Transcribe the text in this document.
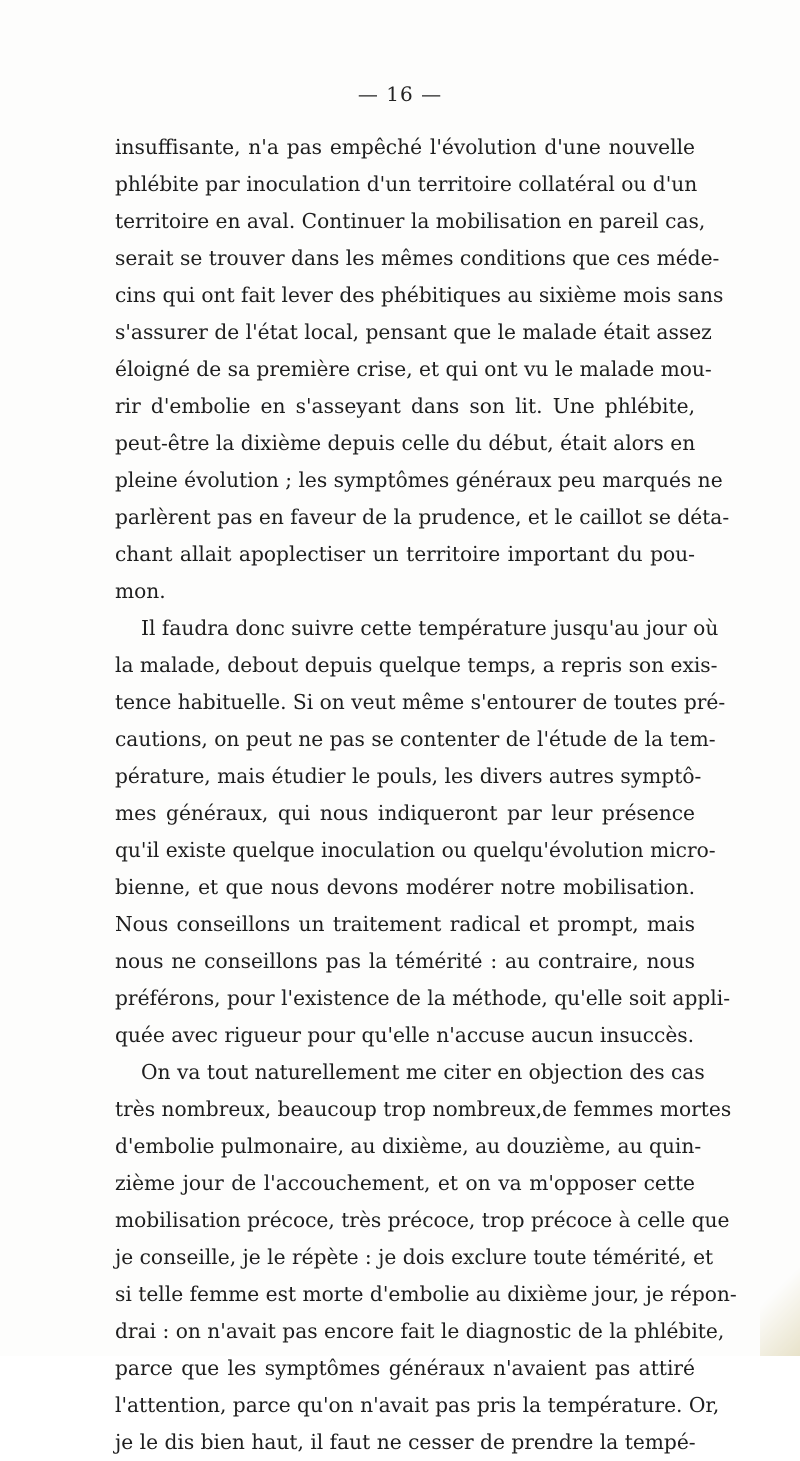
— 16 —
insuffisante, n'a pas empêché l'évolution d'une nouvelle
phlébite par inoculation d'un territoire collatéral ou d'un
territoire en aval. Continuer la mobilisation en pareil cas,
serait se trouver dans les mêmes conditions que ces méde-
cins qui ont fait lever des phébitiques au sixième mois sans
s'assurer de l'état local, pensant que le malade était assez
éloigné de sa première crise, et qui ont vu le malade mou-
rir d'embolie en s'asseyant dans son lit. Une phlébite,
peut-être la dixième depuis celle du début, était alors en
pleine évolution ; les symptômes généraux peu marqués ne
parlèrent pas en faveur de la prudence, et le caillot se déta-
chant allait apoplectiser un territoire important du pou-
mon.
Il faudra donc suivre cette température jusqu'au jour où
la malade, debout depuis quelque temps, a repris son exis-
tence habituelle. Si on veut même s'entourer de toutes pré-
cautions, on peut ne pas se contenter de l'étude de la tem-
pérature, mais étudier le pouls, les divers autres symptô-
mes généraux, qui nous indiqueront par leur présence
qu'il existe quelque inoculation ou quelqu'évolution micro-
bienne, et que nous devons modérer notre mobilisation.
Nous conseillons un traitement radical et prompt, mais
nous ne conseillons pas la témérité : au contraire, nous
préférons, pour l'existence de la méthode, qu'elle soit appli-
quée avec rigueur pour qu'elle n'accuse aucun insuccès.
On va tout naturellement me citer en objection des cas
très nombreux, beaucoup trop nombreux,de femmes mortes
d'embolie pulmonaire, au dixième, au douzième, au quin-
zième jour de l'accouchement, et on va m'opposer cette
mobilisation précoce, très précoce, trop précoce à celle que
je conseille, je le répète : je dois exclure toute témérité, et
si telle femme est morte d'embolie au dixième jour, je répon-
drai : on n'avait pas encore fait le diagnostic de la phlébite,
parce que les symptômes généraux n'avaient pas attiré
l'attention, parce qu'on n'avait pas pris la température. Or,
je le dis bien haut, il faut ne cesser de prendre la tempé-
